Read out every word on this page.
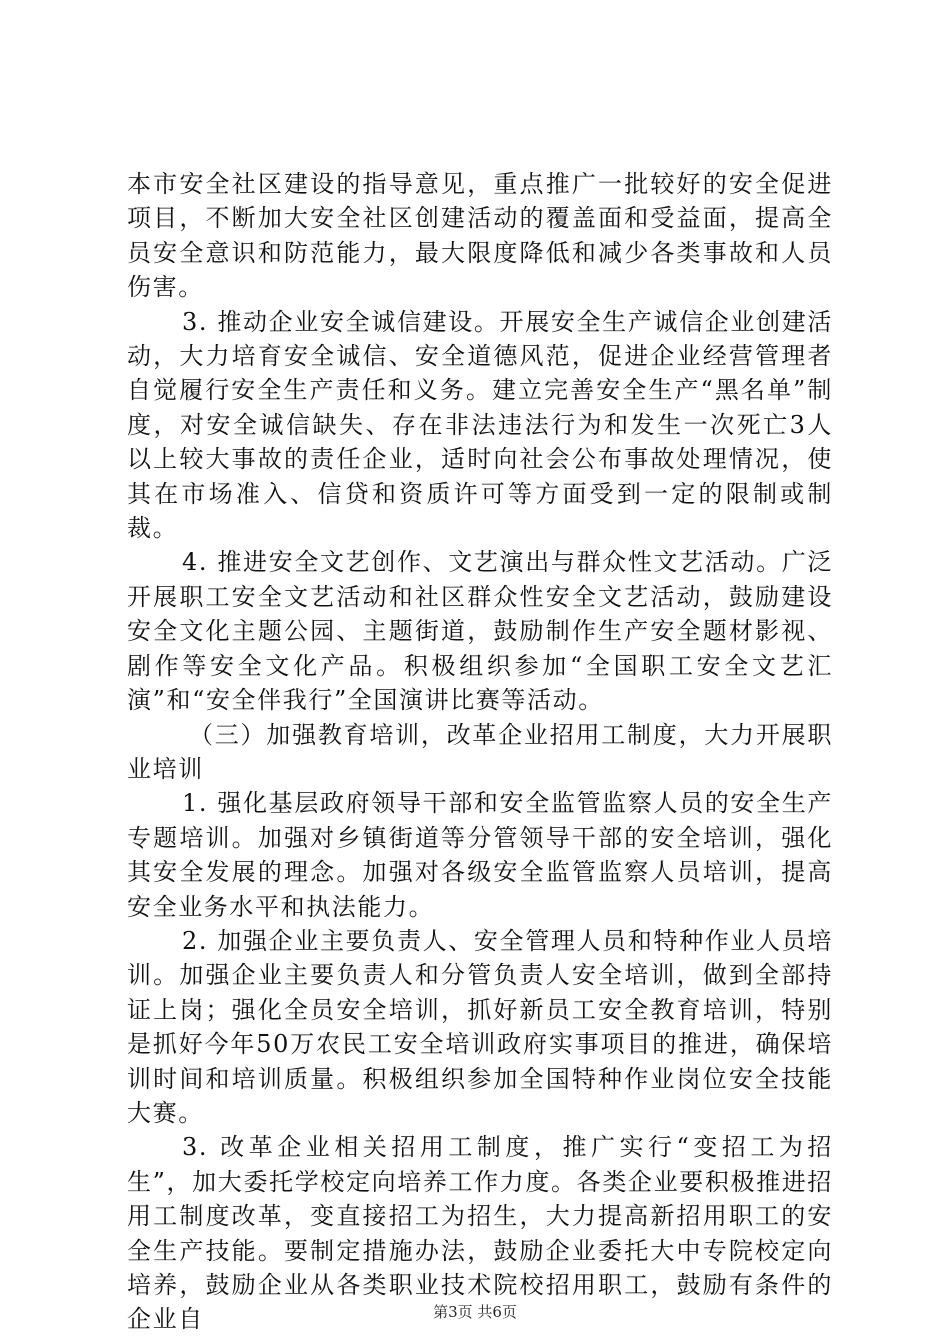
本市安全社区建设的指导意见，重点推广一批较好的安全促进项目，不断加大安全社区创建活动的覆盖面和受益面，提高全员安全意识和防范能力，最大限度降低和减少各类事故和人员伤害。

3. 推动企业安全诚信建设。开展安全生产诚信企业创建活动，大力培育安全诚信、安全道德风范，促进企业经营管理者自觉履行安全生产责任和义务。建立完善安全生产“黑名单”制度，对安全诚信缺失、存在非法违法行为和发生一次死亡3人以上较大事故的责任企业，适时向社会公布事故处理情况，使其在市场准入、信贷和资质许可等方面受到一定的限制或制裁。

4. 推进安全文艺创作、文艺演出与群众性文艺活动。广泛开展职工安全文艺活动和社区群众性安全文艺活动，鼓励建设安全文化主题公园、主题街道，鼓励制作生产安全题材影视、剧作等安全文化产品。积极组织参加“全国职工安全文艺汇演”和“安全伴我行”全国演讲比赛等活动。

（三）加强教育培训，改革企业招用工制度，大力开展职业培训

1. 强化基层政府领导干部和安全监管监察人员的安全生产专题培训。加强对乡镇街道等分管领导干部的安全培训，强化其安全发展的理念。加强对各级安全监管监察人员培训，提高安全业务水平和执法能力。

2. 加强企业主要负责人、安全管理人员和特种作业人员培训。加强企业主要负责人和分管负责人安全培训，做到全部持证上岗；强化全员安全培训，抓好新员工安全教育培训，特别是抓好今年50万农民工安全培训政府实事项目的推进，确保培训时间和培训质量。积极组织参加全国特种作业岗位安全技能大赛。

3. 改革企业相关招用工制度，推广实行“变招工为招生”，加大委托学校定向培养工作力度。各类企业要积极推进招用工制度改革，变直接招工为招生，大力提高新招用职工的安全生产技能。要制定措施办法，鼓励企业委托大中专院校定向培养，鼓励企业从各类职业技术院校招用职工，鼓励有条件的企业自	第3页 共6页
